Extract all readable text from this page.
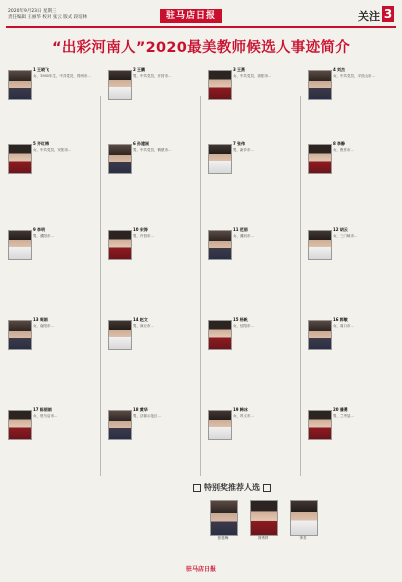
2020年9月23日 星期三
责任编辑 王丽华 校对 张云 版式 段培林	驻马店日报	关注 3
“出彩河南人”2020最美教师候选人事迹简介
1 王晓飞
女，1985年生，中共党员，郑州市...
5 齐红梅
女，中共党员，安阳市...
9 李明
男，濮阳市...
13 周娟
女，南阳市...
17 陈丽娟
女，驻马店市...
2 王鹏
男，中共党员，开封市...
6 孙建刚
男，中共党员，鹤壁市...
10 宋涛
男，许昌市...
14 赵文
男，商丘市...
18 黄华
男，济源示范区...
3 王燕
女，中共党员，洛阳市...
7 张伟
男，新乡市...
11 范丽
女，漯河市...
15 杨帆
女，信阳市...
19 韩冰
女，巩义市...
4 刘杰
女，中共党员，平顶山市...
8 李静
女，焦作市...
12 胡云
女，三门峡市...
16 郭敏
女，周口市...
20 潘勇
男，兰考县...
特别奖推荐人选
张桂梅	刘秀祥	李芳
驻马店日报
